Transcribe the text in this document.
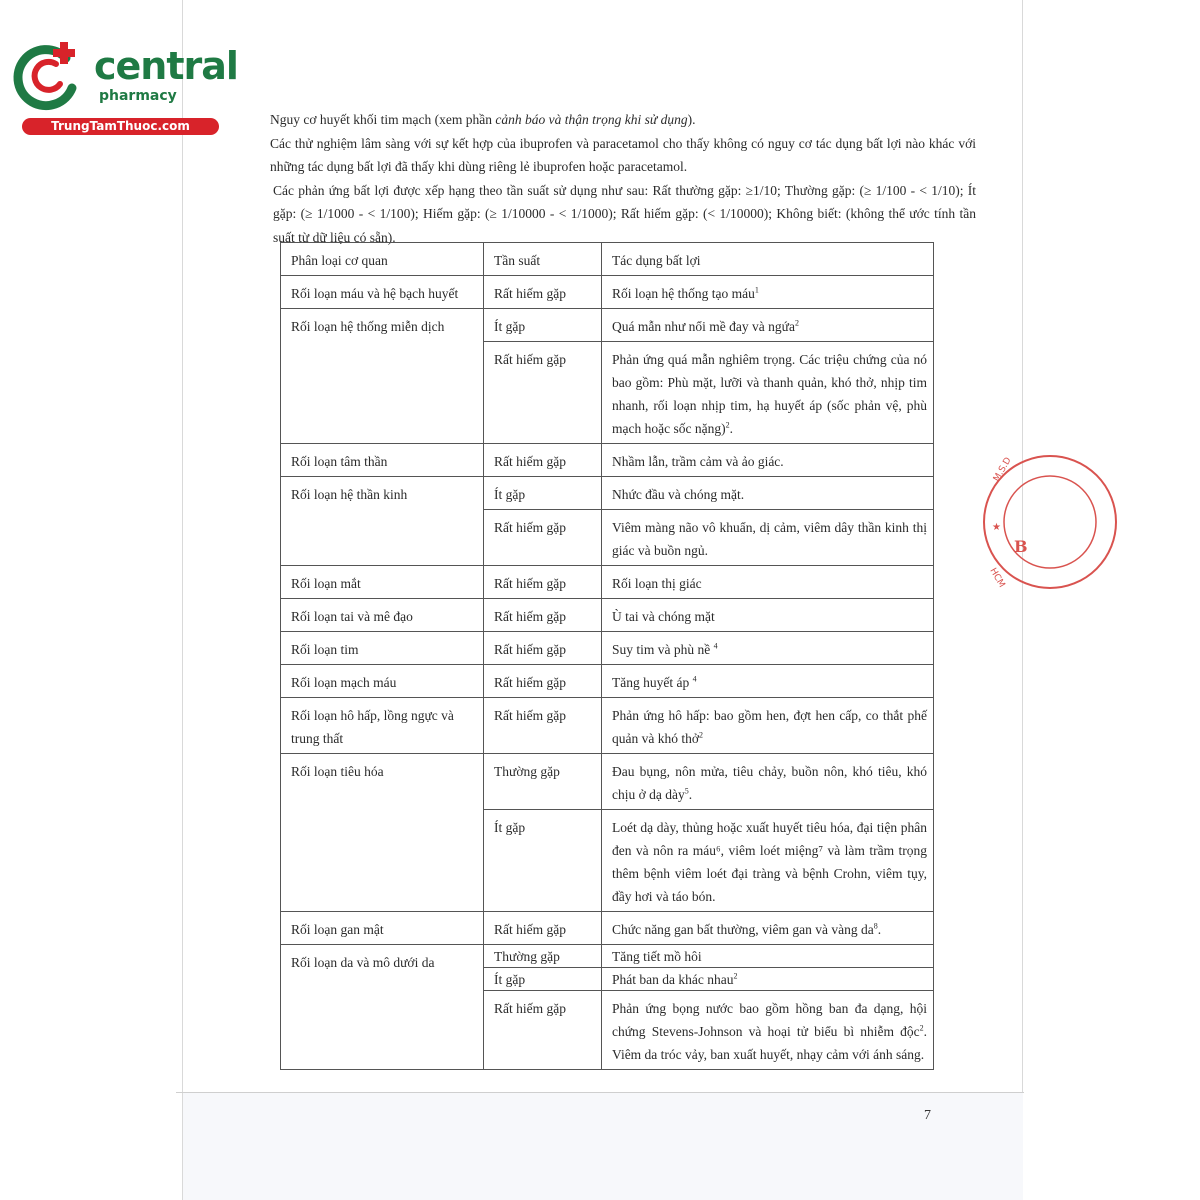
central
pharmacy
TrungTamThuoc.com
M.S.D
★
HCM
B

Nguy cơ huyết khối tim mạch (xem phần cảnh báo và thận trọng khi sử dụng).

Các thử nghiệm lâm sàng với sự kết hợp của ibuprofen và paracetamol cho thấy không có nguy cơ tác dụng bất lợi nào khác với những tác dụng bất lợi đã thấy khi dùng riêng lẻ ibuprofen hoặc paracetamol.

Các phản ứng bất lợi được xếp hạng theo tần suất sử dụng như sau: Rất thường gặp: ≥1/10; Thường gặp: (≥ 1/100 - < 1/10); Ít gặp: (≥ 1/1000 - < 1/100); Hiếm gặp: (≥ 1/10000 - < 1/1000); Rất hiếm gặp: (< 1/10000); Không biết: (không thể ước tính tần suất từ dữ liệu có sẵn).

Phân loại cơ quan	Tần suất	Tác dụng bất lợi
Rối loạn máu và hệ bạch huyết	Rất hiếm gặp	Rối loạn hệ thống tạo máu$^1$
Rối loạn hệ thống miễn dịch	Ít gặp	Quá mẫn như nổi mề đay và ngứa$^2$
	Rất hiếm gặp	Phản ứng quá mẫn nghiêm trọng. Các triệu chứng của nó bao gồm: Phù mặt, lưỡi và thanh quản, khó thở, nhịp tim nhanh, rối loạn nhịp tim, hạ huyết áp (sốc phản vệ, phù mạch hoặc sốc nặng)$^2$.
Rối loạn tâm thần	Rất hiếm gặp	Nhầm lẫn, trầm cảm và ảo giác.
Rối loạn hệ thần kinh	Ít gặp	Nhức đầu và chóng mặt.
	Rất hiếm gặp	Viêm màng não vô khuẩn, dị cảm, viêm dây thần kinh thị giác và buồn ngủ.
Rối loạn mắt	Rất hiếm gặp	Rối loạn thị giác
Rối loạn tai và mê đạo	Rất hiếm gặp	Ù tai và chóng mặt
Rối loạn tim	Rất hiếm gặp	Suy tim và phù nề $^4$
Rối loạn mạch máu	Rất hiếm gặp	Tăng huyết áp $^4$
Rối loạn hô hấp, lồng ngực và trung thất	Rất hiếm gặp	Phản ứng hô hấp: bao gồm hen, đợt hen cấp, co thắt phế quản và khó thở$^2$
Rối loạn tiêu hóa	Thường gặp	Đau bụng, nôn mửa, tiêu chảy, buồn nôn, khó tiêu, khó chịu ở dạ dày$^5$.
	Ít gặp	Loét dạ dày, thủng hoặc xuất huyết tiêu hóa, đại tiện phân đen và nôn ra máu⁶, viêm loét miệng⁷ và làm trầm trọng thêm bệnh viêm loét đại tràng và bệnh Crohn, viêm tụy, đầy hơi và táo bón.
Rối loạn gan mật	Rất hiếm gặp	Chức năng gan bất thường, viêm gan và vàng $da^8$.
Rối loạn da và mô dưới da	Thường gặp	Tăng tiết mồ hôi
	Ít gặp	Phát ban da khác nhau$^2$
	Rất hiếm gặp	Phản ứng bọng nước bao gồm hồng ban đa dạng, hội chứng Stevens-Johnson và hoại tử biểu bì nhiễm độc$^2$. Viêm da tróc vảy, ban xuất huyết, nhạy cảm với ánh sáng.
7
